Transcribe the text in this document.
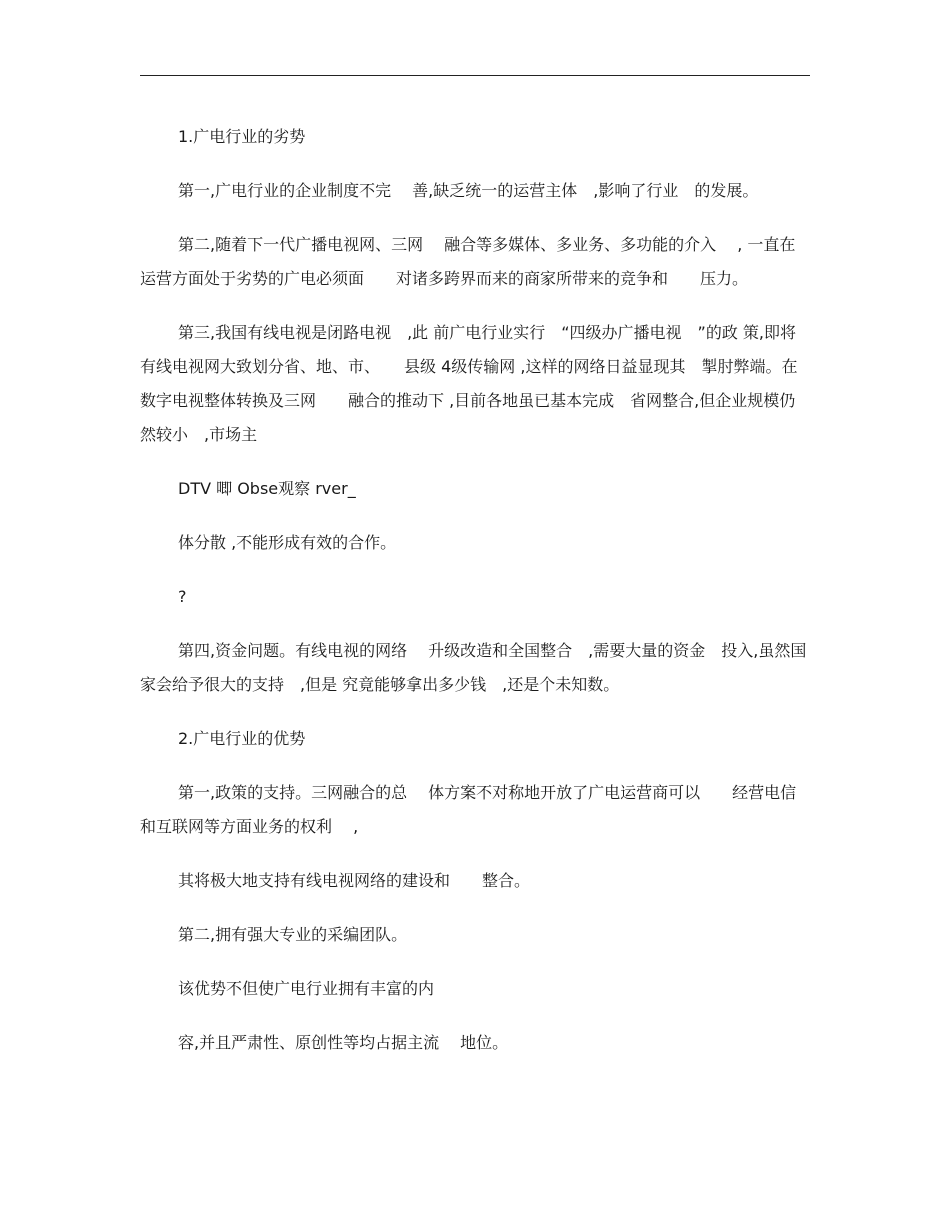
1.广电行业的劣势

第一,广电行业的企业制度不完　 善,缺乏统一的运营主体　,影响了行业　的发展。

第二,随着下一代广播电视网、三网　 融合等多媒体、多业务、多功能的介入　 , 一直在运营方面处于劣势的广电必须面　　对诸多跨界而来的商家所带来的竞争和　　压力。

第三,我国有线电视是闭路电视　,此 前广电行业实行　“四级办广播电视　”的政 策,即将有线电视网大致划分省、地、市、　　县级 4级传输网 ,这样的网络日益显现其　掣肘弊端。在数字电视整体转换及三网　　融合的推动下 ,目前各地虽已基本完成　省网整合,但企业规模仍然较小　,市场主

DTV 唧 Obse观察 rver_

体分散 ,不能形成有效的合作。

?

第四,资金问题。有线电视的网络　 升级改造和全国整合　,需要大量的资金　投入,虽然国家会给予很大的支持　,但是 究竟能够拿出多少钱　,还是个未知数。

2.广电行业的优势

第一,政策的支持。三网融合的总　 体方案不对称地开放了广电运营商可以　　经营电信和互联网等方面业务的权利　 ,

其将极大地支持有线电视网络的建设和　　整合。

第二,拥有强大专业的采编团队。

该优势不但使广电行业拥有丰富的内

容,并且严肃性、原创性等均占据主流　 地位。
